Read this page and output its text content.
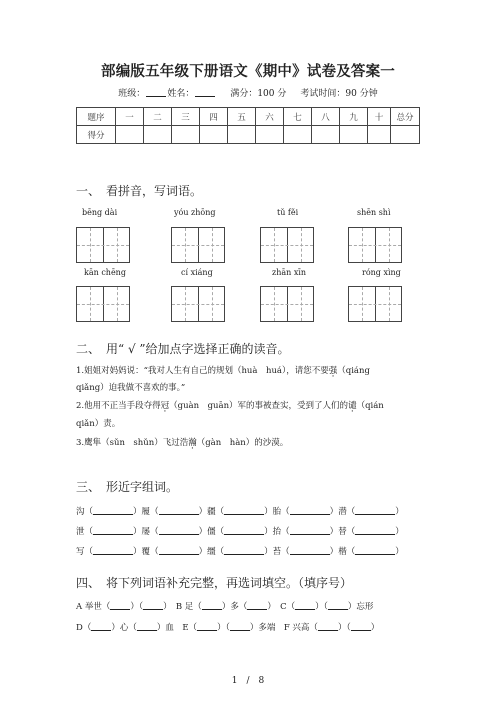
部编版五年级下册语文《期中》试卷及答案一
班级： 姓名：	满分：100 分 考试时间：90 分钟
题序	一	二	三	四	五	六	七	八	九	十	总分
得分											
一、　看拼音，写词语。
bēng dài	yóu zhōng	tǔ fěi	shēn shì
kān chēng	cí xiáng	zhān xīn	róng xìng
二、　用“ √ ”给加点字选择正确的读音。
1.姐姐对妈妈说：“我对人生有自己的规划（huà　huá），请您不要强（qiáng
qiǎng）迫我做不喜欢的事。”
2.他用不正当手段夺得冠（guàn　guān）军的事被查实，受到了人们的谴（qián
qiǎn）责。
3.鹰隼（sǔn　shǔn）飞过浩瀚（gàn　hàn）的沙漠。
三、　形近字组词。
沟（	）履（	）疆（	）胎（	）潜（	）
泄（	）屡（	）僵（	）抬（	）替（	）
写（	）覆（	）缰（	）苔（	）楷（	）
四、　将下列词语补充完整，再选词填空。（填序号）
A 举世（ ）（ ）　B 足（ ）多（ ）　C（ ）（ ）忘形
D（ ）心（ ）血　E（ ）（ ）多端　F 兴高（ ）（ ）
1　/　8
